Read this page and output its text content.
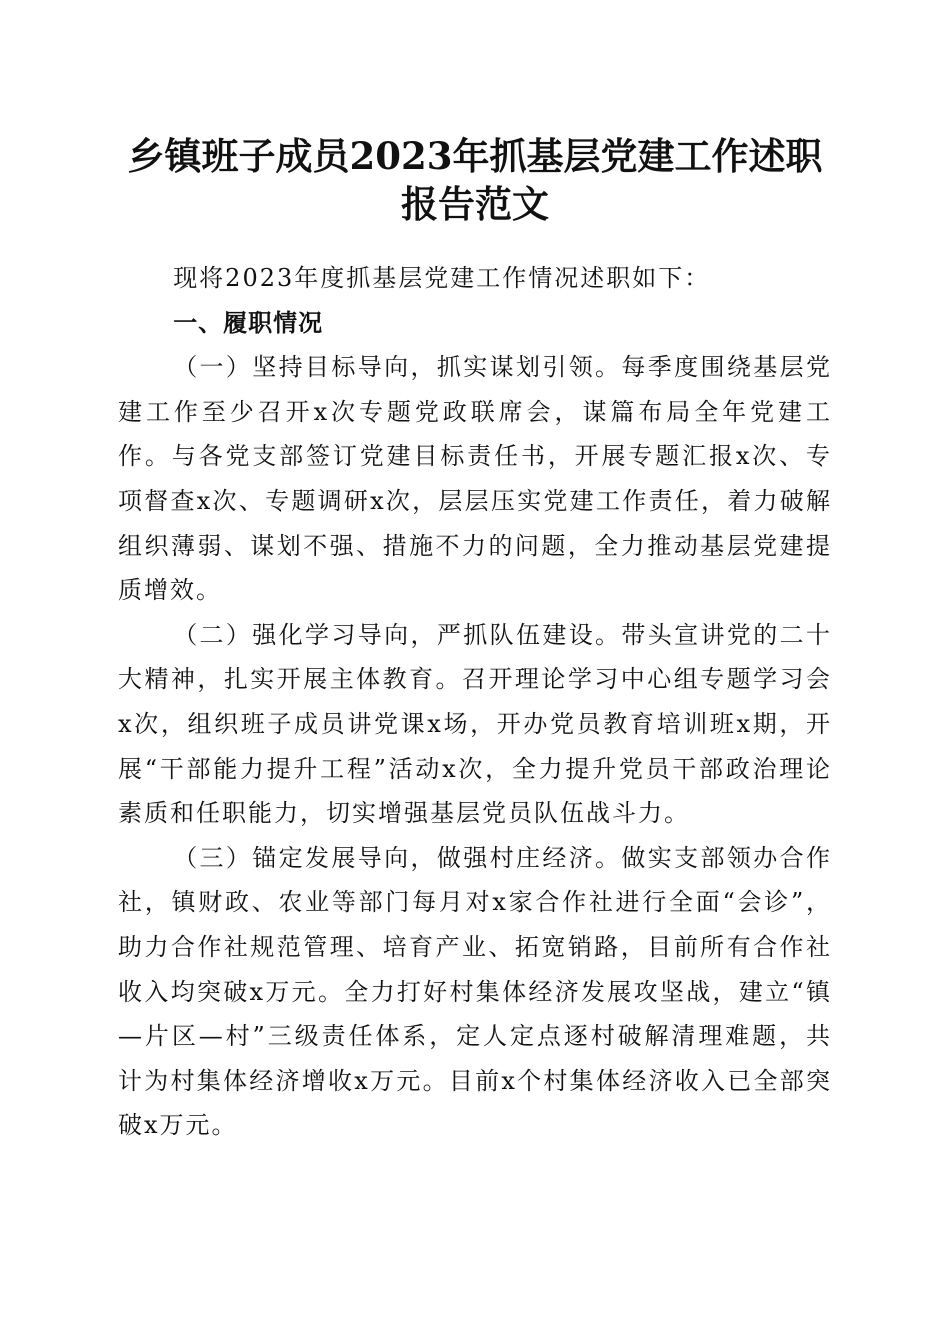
乡镇班子成员2023年抓基层党建工作述职报告范文

现将2023年度抓基层党建工作情况述职如下：

一、履职情况

（一）坚持目标导向，抓实谋划引领。每季度围绕基层党建工作至少召开x次专题党政联席会，谋篇布局全年党建工作。与各党支部签订党建目标责任书，开展专题汇报x次、专项督查x次、专题调研x次，层层压实党建工作责任，着力破解组织薄弱、谋划不强、措施不力的问题，全力推动基层党建提质增效。

（二）强化学习导向，严抓队伍建设。带头宣讲党的二十大精神，扎实开展主体教育。召开理论学习中心组专题学习会x次，组织班子成员讲党课x场，开办党员教育培训班x期，开展“干部能力提升工程”活动x次，全力提升党员干部政治理论素质和任职能力，切实增强基层党员队伍战斗力。

（三）锚定发展导向，做强村庄经济。做实支部领办合作社，镇财政、农业等部门每月对x家合作社进行全面“会诊”，助力合作社规范管理、培育产业、拓宽销路，目前所有合作社收入均突破x万元。全力打好村集体经济发展攻坚战，建立“镇—片区—村”三级责任体系，定人定点逐村破解清理难题，共计为村集体经济增收x万元。目前x个村集体经济收入已全部突破x万元。
